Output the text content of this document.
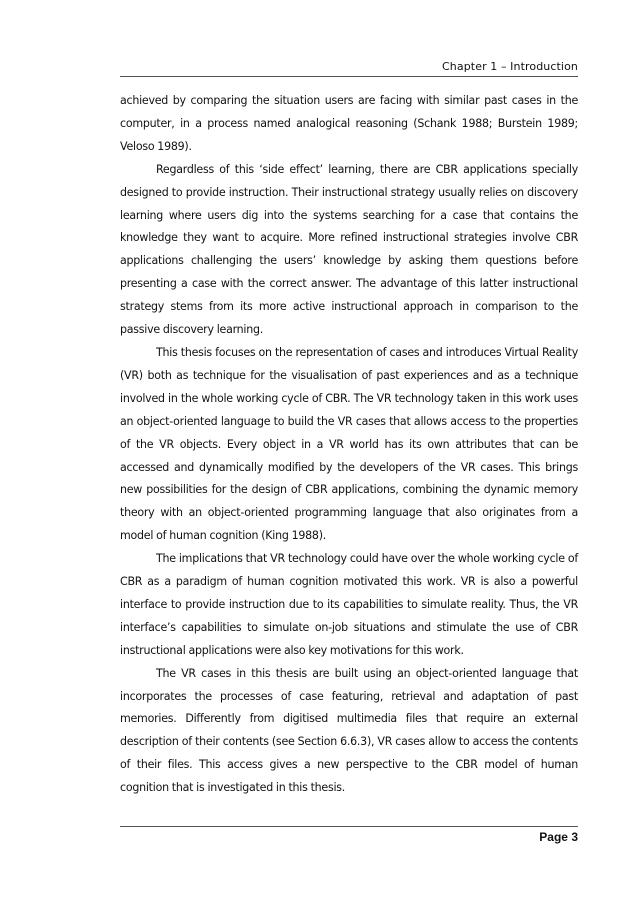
Chapter 1 – Introduction

achieved by comparing the situation users are facing with similar past cases in the computer, in a process named analogical reasoning (Schank 1988; Burstein 1989; Veloso 1989).

Regardless of this ‘side effect’ learning, there are CBR applications specially designed to provide instruction. Their instructional strategy usually relies on discovery learning where users dig into the systems searching for a case that contains the knowledge they want to acquire. More refined instructional strategies involve CBR applications challenging the users’ knowledge by asking them questions before presenting a case with the correct answer. The advantage of this latter instructional strategy stems from its more active instructional approach in comparison to the passive discovery learning.

This thesis focuses on the representation of cases and introduces Virtual Reality (VR) both as technique for the visualisation of past experiences and as a technique involved in the whole working cycle of CBR. The VR technology taken in this work uses an object-oriented language to build the VR cases that allows access to the properties of the VR objects. Every object in a VR world has its own attributes that can be accessed and dynamically modified by the developers of the VR cases. This brings new possibilities for the design of CBR applications, combining the dynamic memory theory with an object-oriented programming language that also originates from a model of human cognition (King 1988).

The implications that VR technology could have over the whole working cycle of CBR as a paradigm of human cognition motivated this work. VR is also a powerful interface to provide instruction due to its capabilities to simulate reality. Thus, the VR interface’s capabilities to simulate on-job situations and stimulate the use of CBR instructional applications were also key motivations for this work.

The VR cases in this thesis are built using an object-oriented language that incorporates the processes of case featuring, retrieval and adaptation of past memories. Differently from digitised multimedia files that require an external description of their contents (see Section 6.6.3), VR cases allow to access the contents of their files. This access gives a new perspective to the CBR model of human cognition that is investigated in this thesis.

Page 3
